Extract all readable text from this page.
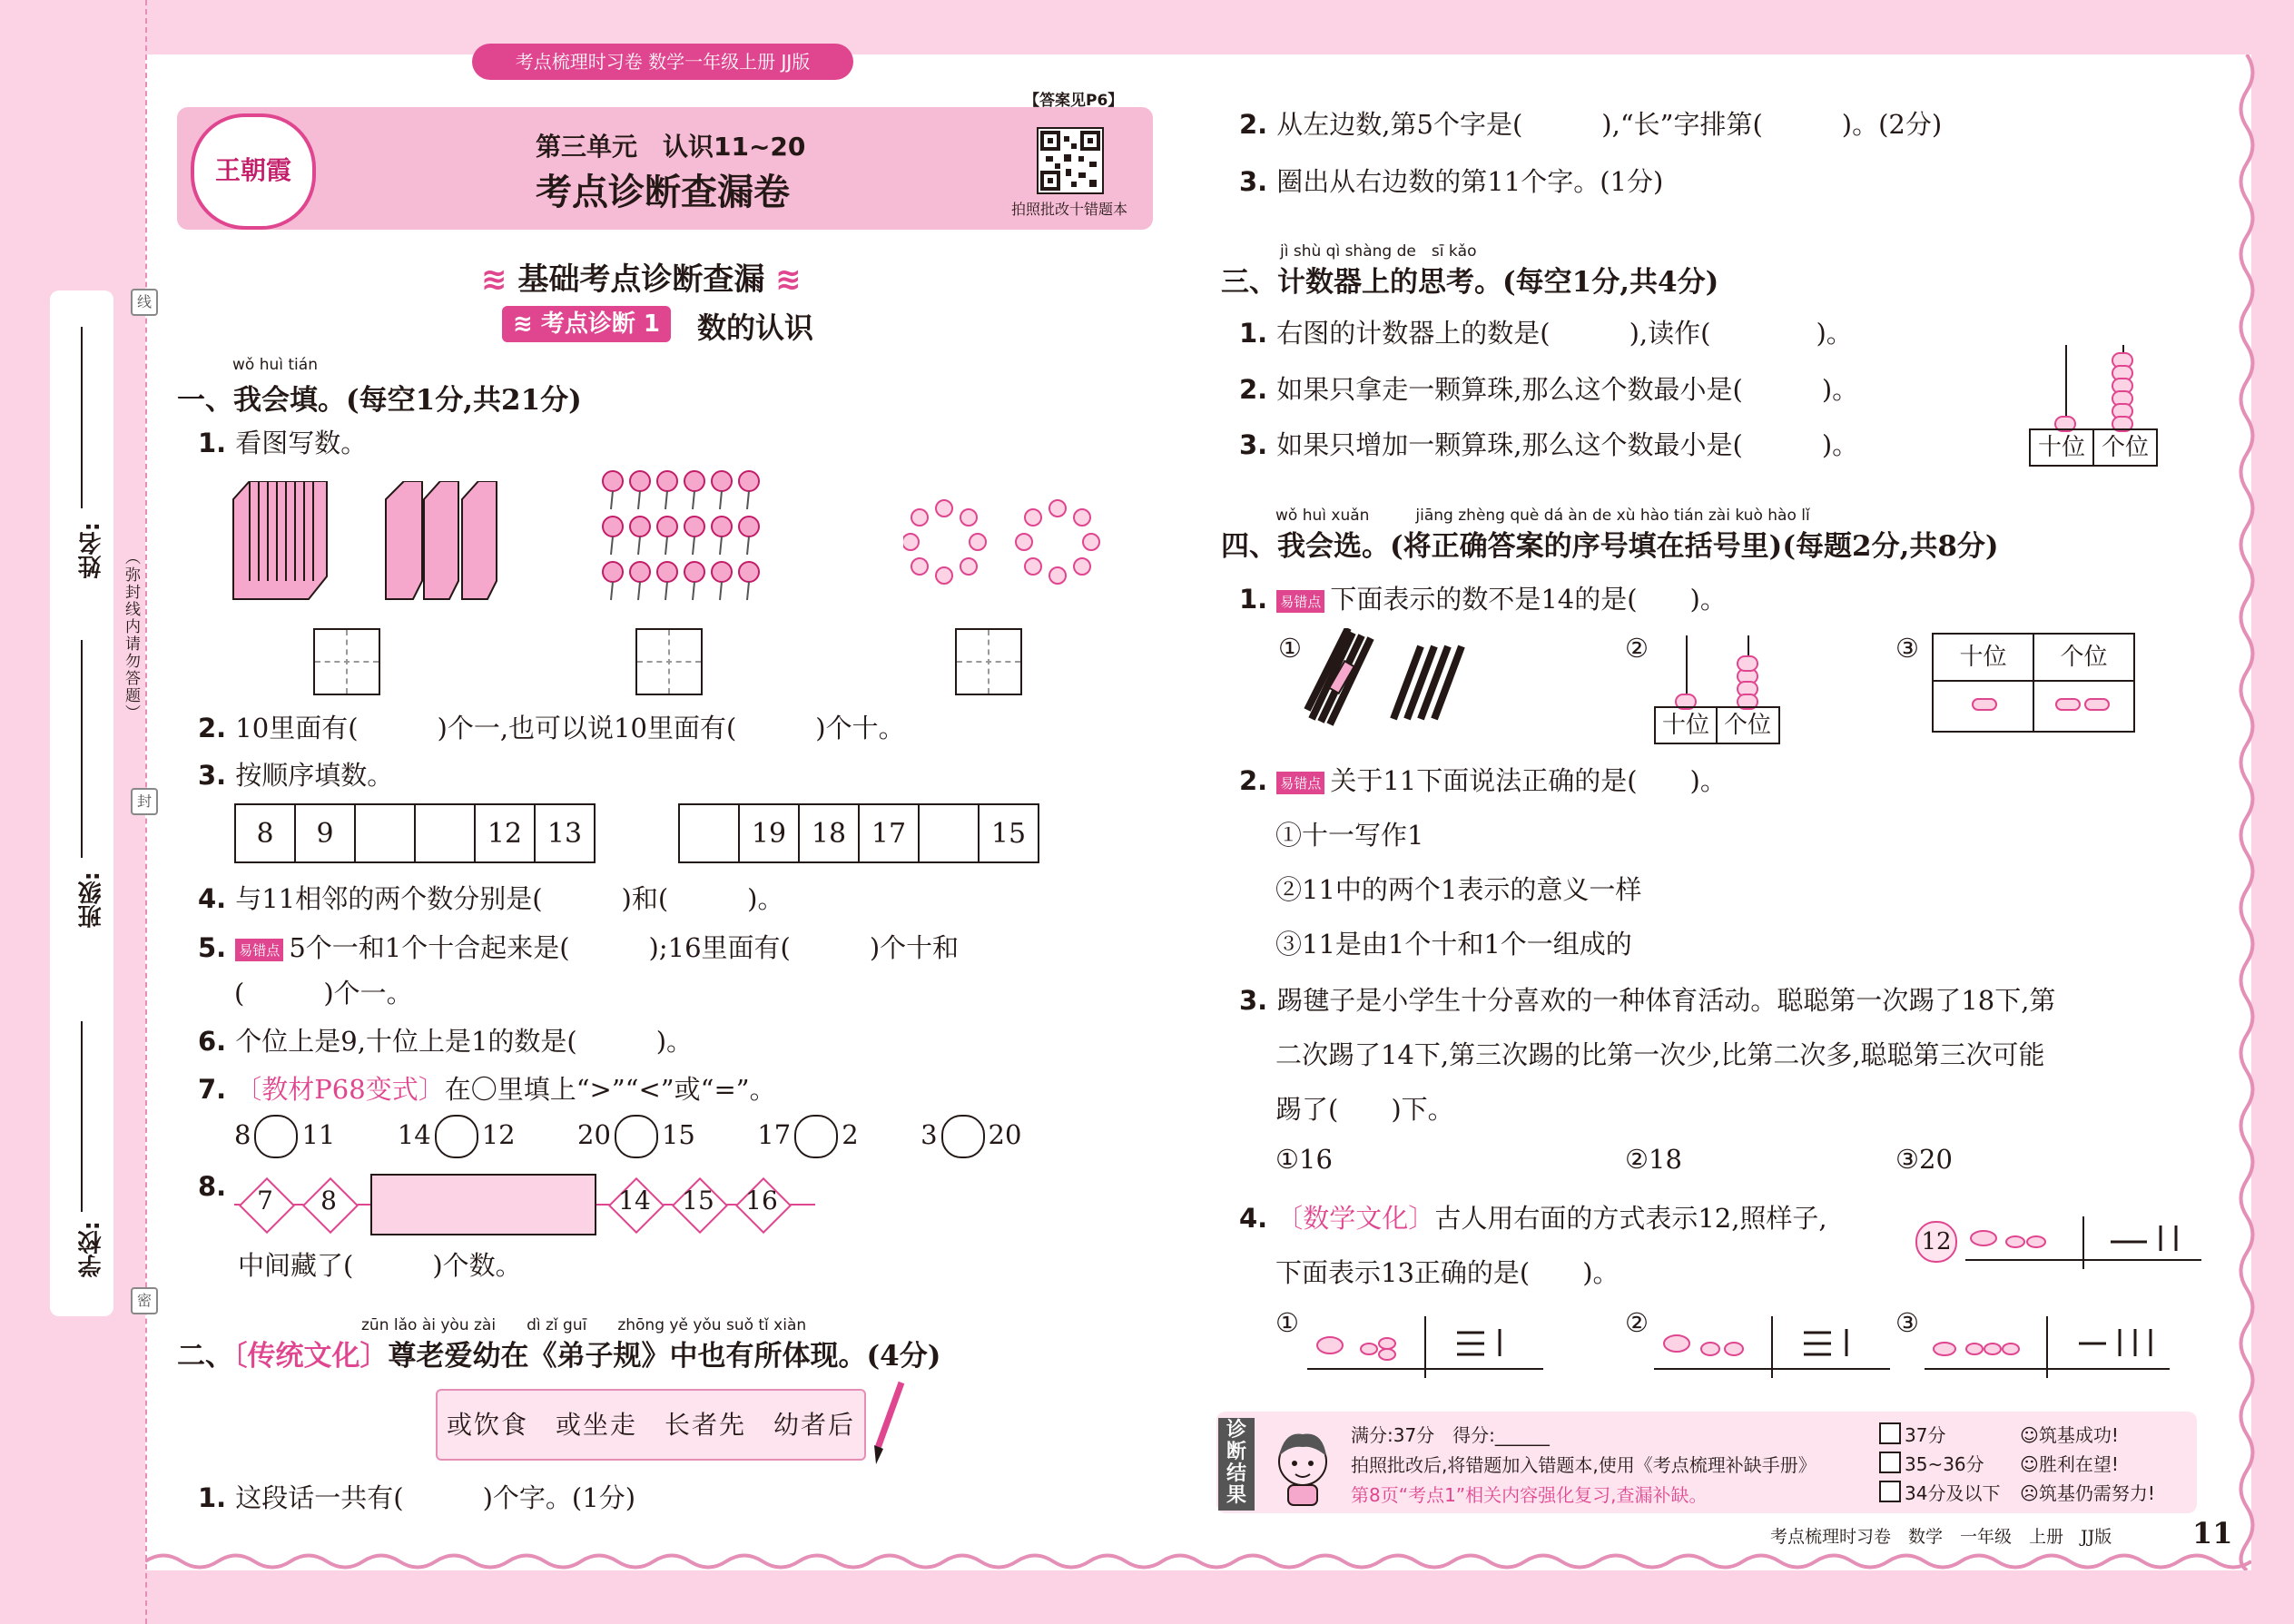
姓名:
班级:
学校:
（弥封线内请勿答题）
线
封
密
考点梳理时习卷 数学一年级上册 JJ版
王朝霞
第三单元　认识11~20
考点诊断查漏卷
【答案见P6】
拍照批改十错题本
≋ 基础考点诊断查漏 ≋
≋ 考点诊断 1	数的认识
wǒ huì tián
一、我会填。(每空1分,共21分)
1. 看图写数。
2. 10里面有(　　　)个一,也可以说10里面有(　　　)个十。
3. 按顺序填数。
8	9			12	13
		19	18	17		15
4. 与11相邻的两个数分别是(　　　)和(　　　)。
5. 易错点 5个一和1个十合起来是(　　　);16里面有(　　　)个十和
(　　　)个一。
6. 个位上是9,十位上是1的数是(　　　)。
7. 〔教材P68变式〕在〇里填上“>”“<”或“=”。
8 11 14 12 20 15 17 2 3 20
8.	7	8	14	15	16
中间藏了(　　　)个数。
zūn lǎo ài yòu zài　　dì zǐ guī　　zhōng yě yǒu suǒ tǐ xiàn
二、〔传统文化〕尊老爱幼在《弟子规》中也有所体现。(4分)
或饮食　或坐走　长者先　幼者后
1. 这段话一共有(　　　)个字。(1分)
2. 从左边数,第5个字是(　　　),“长”字排第(　　　)。(2分)
3. 圈出从右边数的第11个字。(1分)
jì shù qì shàng de　sī kǎo
三、计数器上的思考。(每空1分,共4分)
1. 右图的计数器上的数是(　　　),读作(　　　　)。
2. 如果只拿走一颗算珠,那么这个数最小是(　　　)。
3. 如果只增加一颗算珠,那么这个数最小是(　　　)。	十位 个位
wǒ huì xuǎn　　　jiāng zhèng què dá àn de xù hào tián zài kuò hào lǐ
四、我会选。(将正确答案的序号填在括号里)(每题2分,共8分)
1. 易错点 下面表示的数不是14的是(　　)。
①	②
十位 个位
③	十位	个位
2. 易错点 关于11下面说法正确的是(　　)。
①十一写作1
②11中的两个1表示的意义一样
③11是由1个十和1个一组成的
3. 踢毽子是小学生十分喜欢的一种体育活动。聪聪第一次踢了18下,第
二次踢了14下,第三次踢的比第一次少,比第二次多,聪聪第三次可能
踢了(　　)下。
①16	②18	③20
4. 〔数学文化〕古人用右面的方式表示12,照样子,
下面表示13正确的是(　　)。
12
①	②	③
诊断结果
满分:37分　得分:______
拍照批改后,将错题加入错题本,使用《考点梳理补缺手册》
第8页“考点1”相关内容强化复习,查漏补缺。
37分	☺筑基成功!
35~36分 ☺胜利在望!
34分及以下 ☹筑基仍需努力!
考点梳理时习卷　数学　一年级　上册　JJ版	11
